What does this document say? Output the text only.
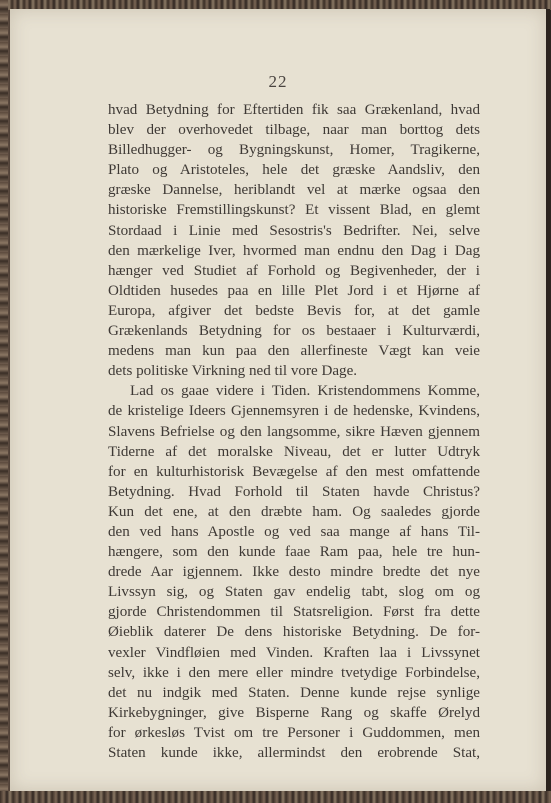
22
hvad Betydning for Eftertiden fik saa Grækenland, hvad
blev der overhovedet tilbage, naar man borttog dets
Billedhugger- og Bygningskunst, Homer, Tragikerne,
Plato og Aristoteles, hele det græske Aandsliv, den
græske Dannelse, heriblandt vel at mærke ogsaa den
historiske Fremstillingskunst? Et vissent Blad, en glemt
Stordaad i Linie med Sesostris's Bedrifter. Nei, selve
den mærkelige Iver, hvormed man endnu den Dag i Dag
hænger ved Studiet af Forhold og Begivenheder, der i
Oldtiden husedes paa en lille Plet Jord i et Hjørne af
Europa, afgiver det bedste Bevis for, at det gamle
Grækenlands Betydning for os bestaaer i Kulturværdi,
medens man kun paa den allerfineste Vægt kan veie
dets politiske Virkning ned til vore Dage.
Lad os gaae videre i Tiden. Kristendommens Komme,
de kristelige Ideers Gjennemsyren i de hedenske, Kvindens,
Slavens Befrielse og den langsomme, sikre Hæven gjennem
Tiderne af det moralske Niveau, det er lutter Udtryk
for en kulturhistorisk Bevægelse af den mest omfattende
Betydning. Hvad Forhold til Staten havde Christus?
Kun det ene, at den dræbte ham. Og saaledes gjorde
den ved hans Apostle og ved saa mange af hans Til-
hængere, som den kunde faae Ram paa, hele tre hun-
drede Aar igjennem. Ikke desto mindre bredte det nye
Livssyn sig, og Staten gav endelig tabt, slog om og
gjorde Christendommen til Statsreligion. Først fra dette
Øieblik daterer De dens historiske Betydning. De for-
vexler Vindfløien med Vinden. Kraften laa i Livssynet
selv, ikke i den mere eller mindre tvetydige Forbindelse,
det nu indgik med Staten. Denne kunde rejse synlige
Kirkebygninger, give Bisperne Rang og skaffe Ørelyd
for ørkesløs Tvist om tre Personer i Guddommen, men
Staten kunde ikke, allermindst den erobrende Stat,
